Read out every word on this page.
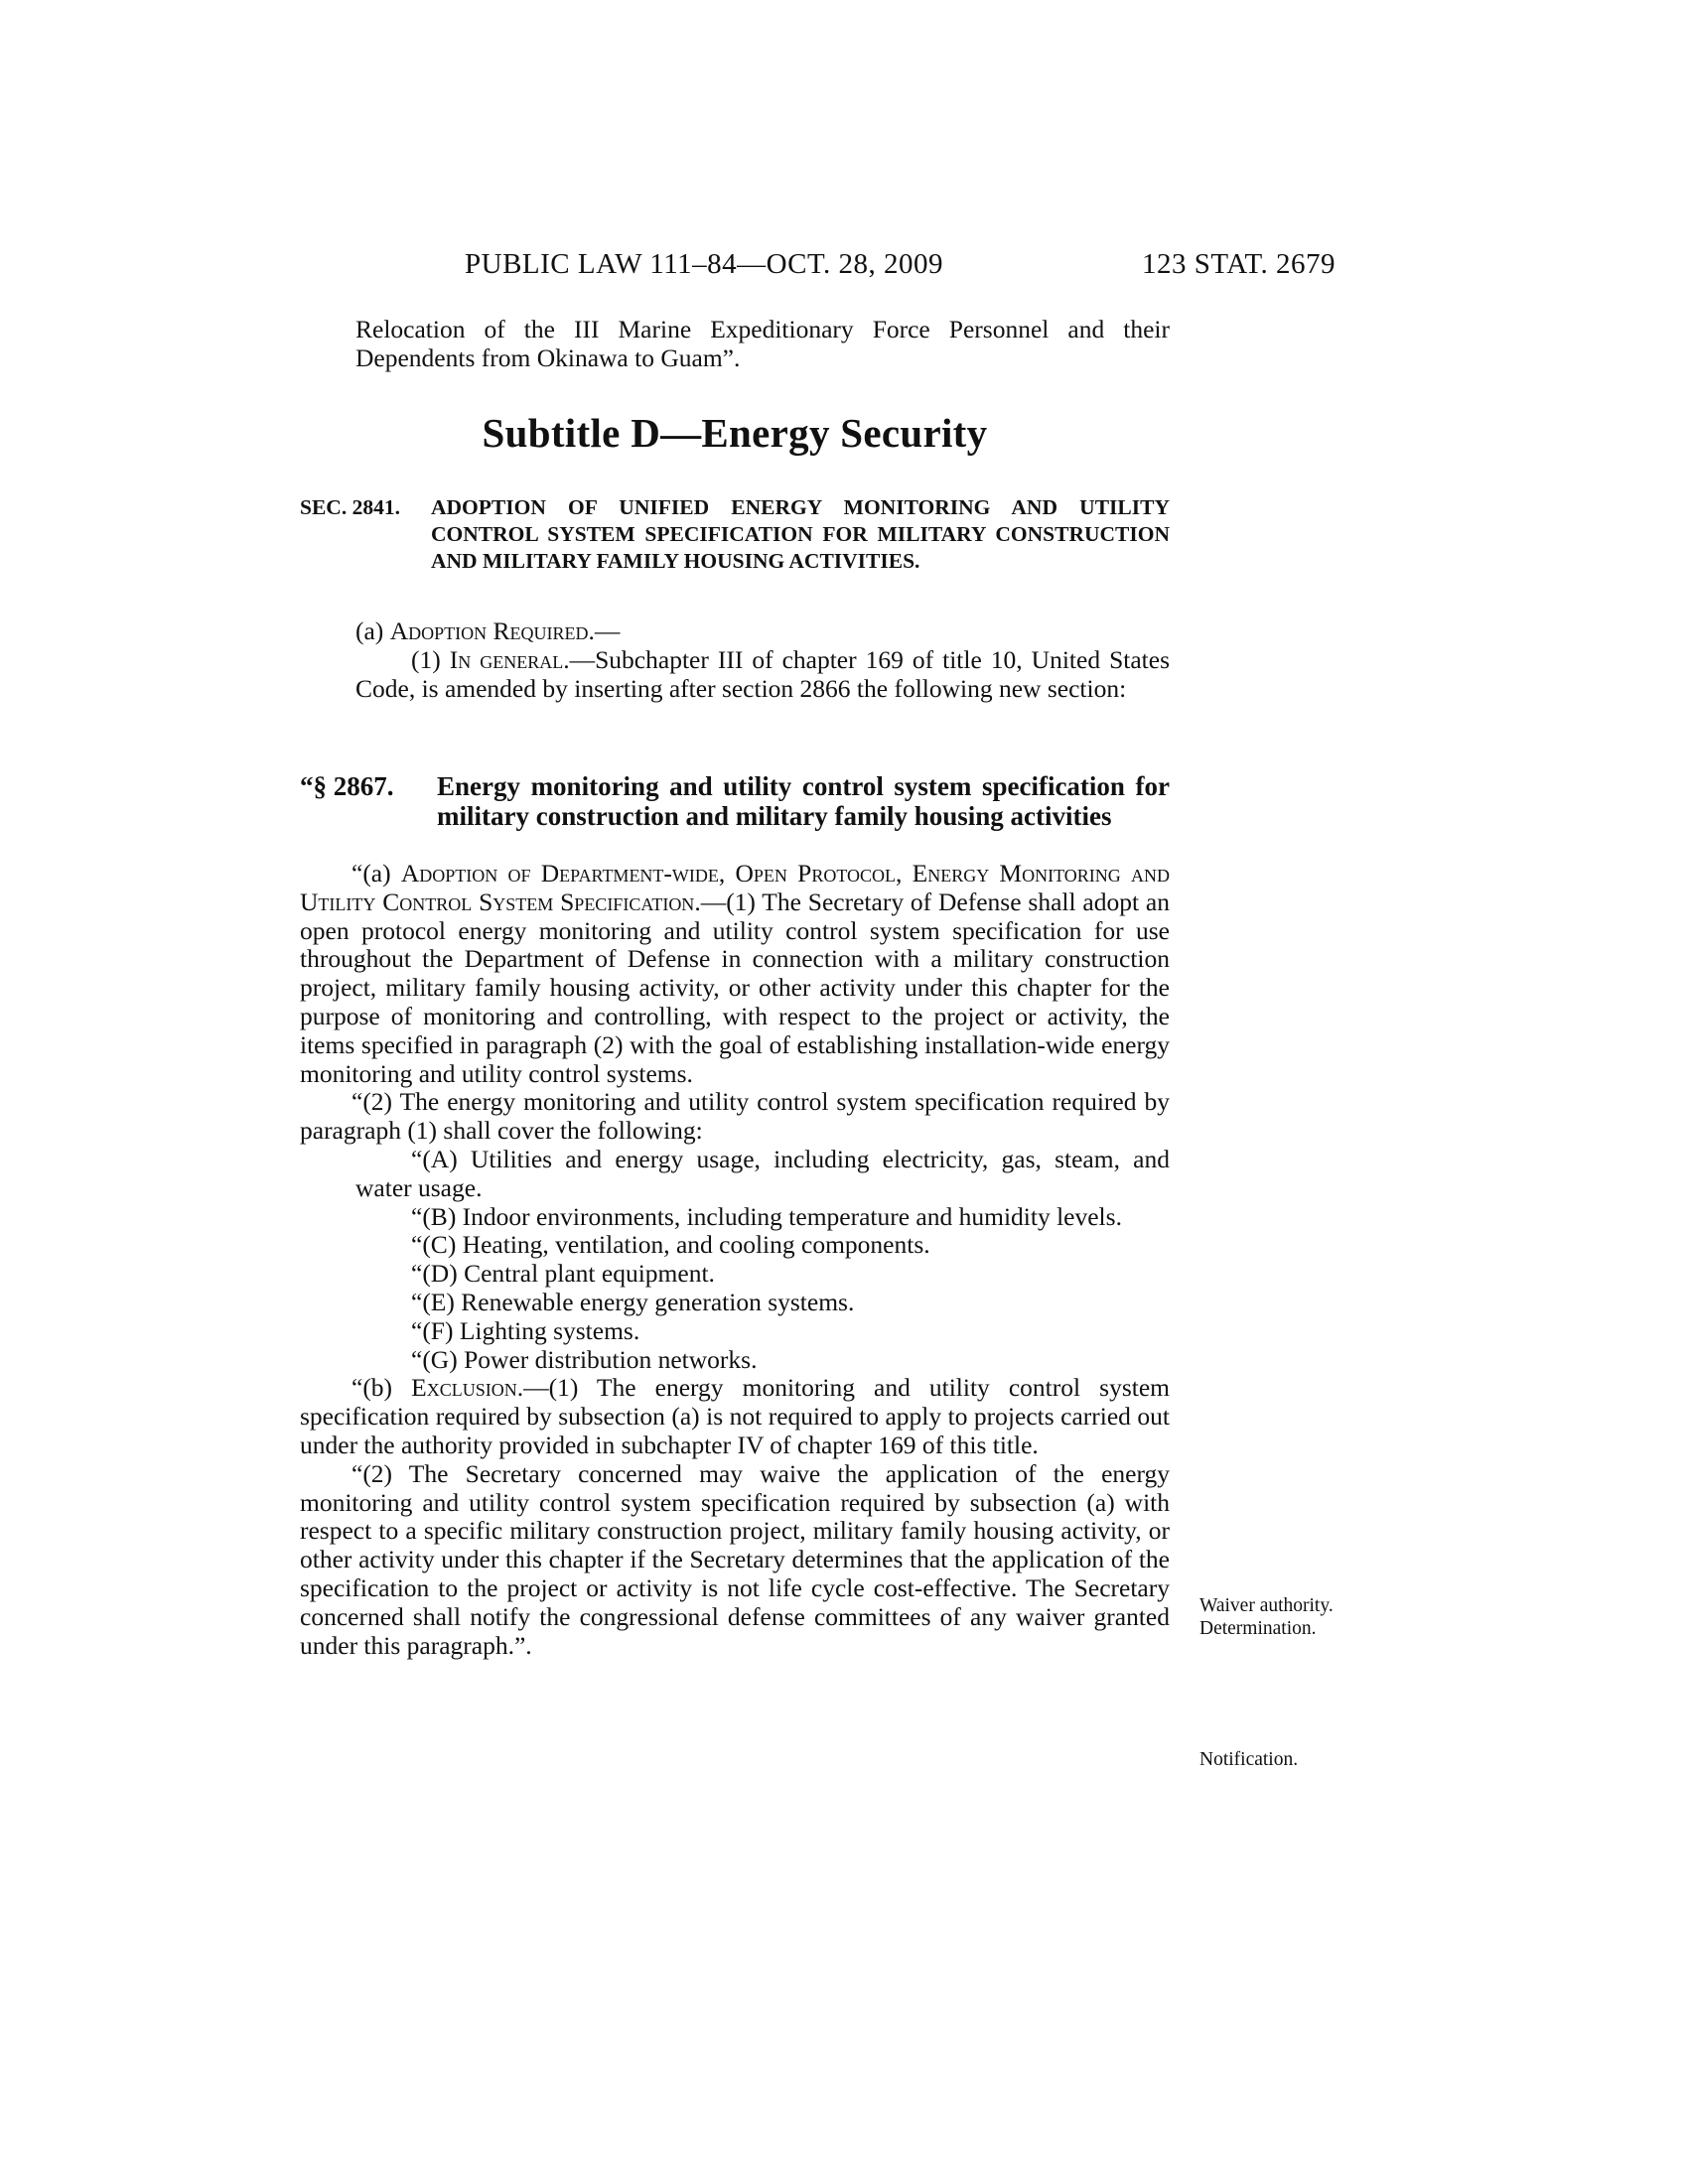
PUBLIC LAW 111–84—OCT. 28, 2009	123 STAT. 2679

Relocation of the III Marine Expeditionary Force Personnel and their Dependents from Okinawa to Guam”.

Subtitle D—Energy Security
SEC. 2841. ADOPTION OF UNIFIED ENERGY MONITORING AND UTILITY CONTROL SYSTEM SPECIFICATION FOR MILITARY CONSTRUCTION AND MILITARY FAMILY HOUSING ACTIVITIES.

(a) Adoption Required.—

(1) In general.—Subchapter III of chapter 169 of title 10, United States Code, is amended by inserting after section 2866 the following new section:

“§ 2867. Energy monitoring and utility control system specification for military construction and military family housing activities

“(a) Adoption of Department-wide, Open Protocol, Energy Monitoring and Utility Control System Specification.—(1) The Secretary of Defense shall adopt an open protocol energy monitoring and utility control system specification for use throughout the Department of Defense in connection with a military construction project, military family housing activity, or other activity under this chapter for the purpose of monitoring and controlling, with respect to the project or activity, the items specified in paragraph (2) with the goal of establishing installation-wide energy monitoring and utility control systems.

“(2) The energy monitoring and utility control system specification required by paragraph (1) shall cover the following:

“(A) Utilities and energy usage, including electricity, gas, steam, and water usage.

“(B) Indoor environments, including temperature and humidity levels.

“(C) Heating, ventilation, and cooling components.

“(D) Central plant equipment.

“(E) Renewable energy generation systems.

“(F) Lighting systems.

“(G) Power distribution networks.

“(b) Exclusion.—(1) The energy monitoring and utility control system specification required by subsection (a) is not required to apply to projects carried out under the authority provided in subchapter IV of chapter 169 of this title.

“(2) The Secretary concerned may waive the application of the energy monitoring and utility control system specification required by subsection (a) with respect to a specific military construction project, military family housing activity, or other activity under this chapter if the Secretary determines that the application of the specification to the project or activity is not life cycle cost-effective. The Secretary concerned shall notify the congressional defense committees of any waiver granted under this paragraph.”.

Waiver authority.
Determination.
Notification.
